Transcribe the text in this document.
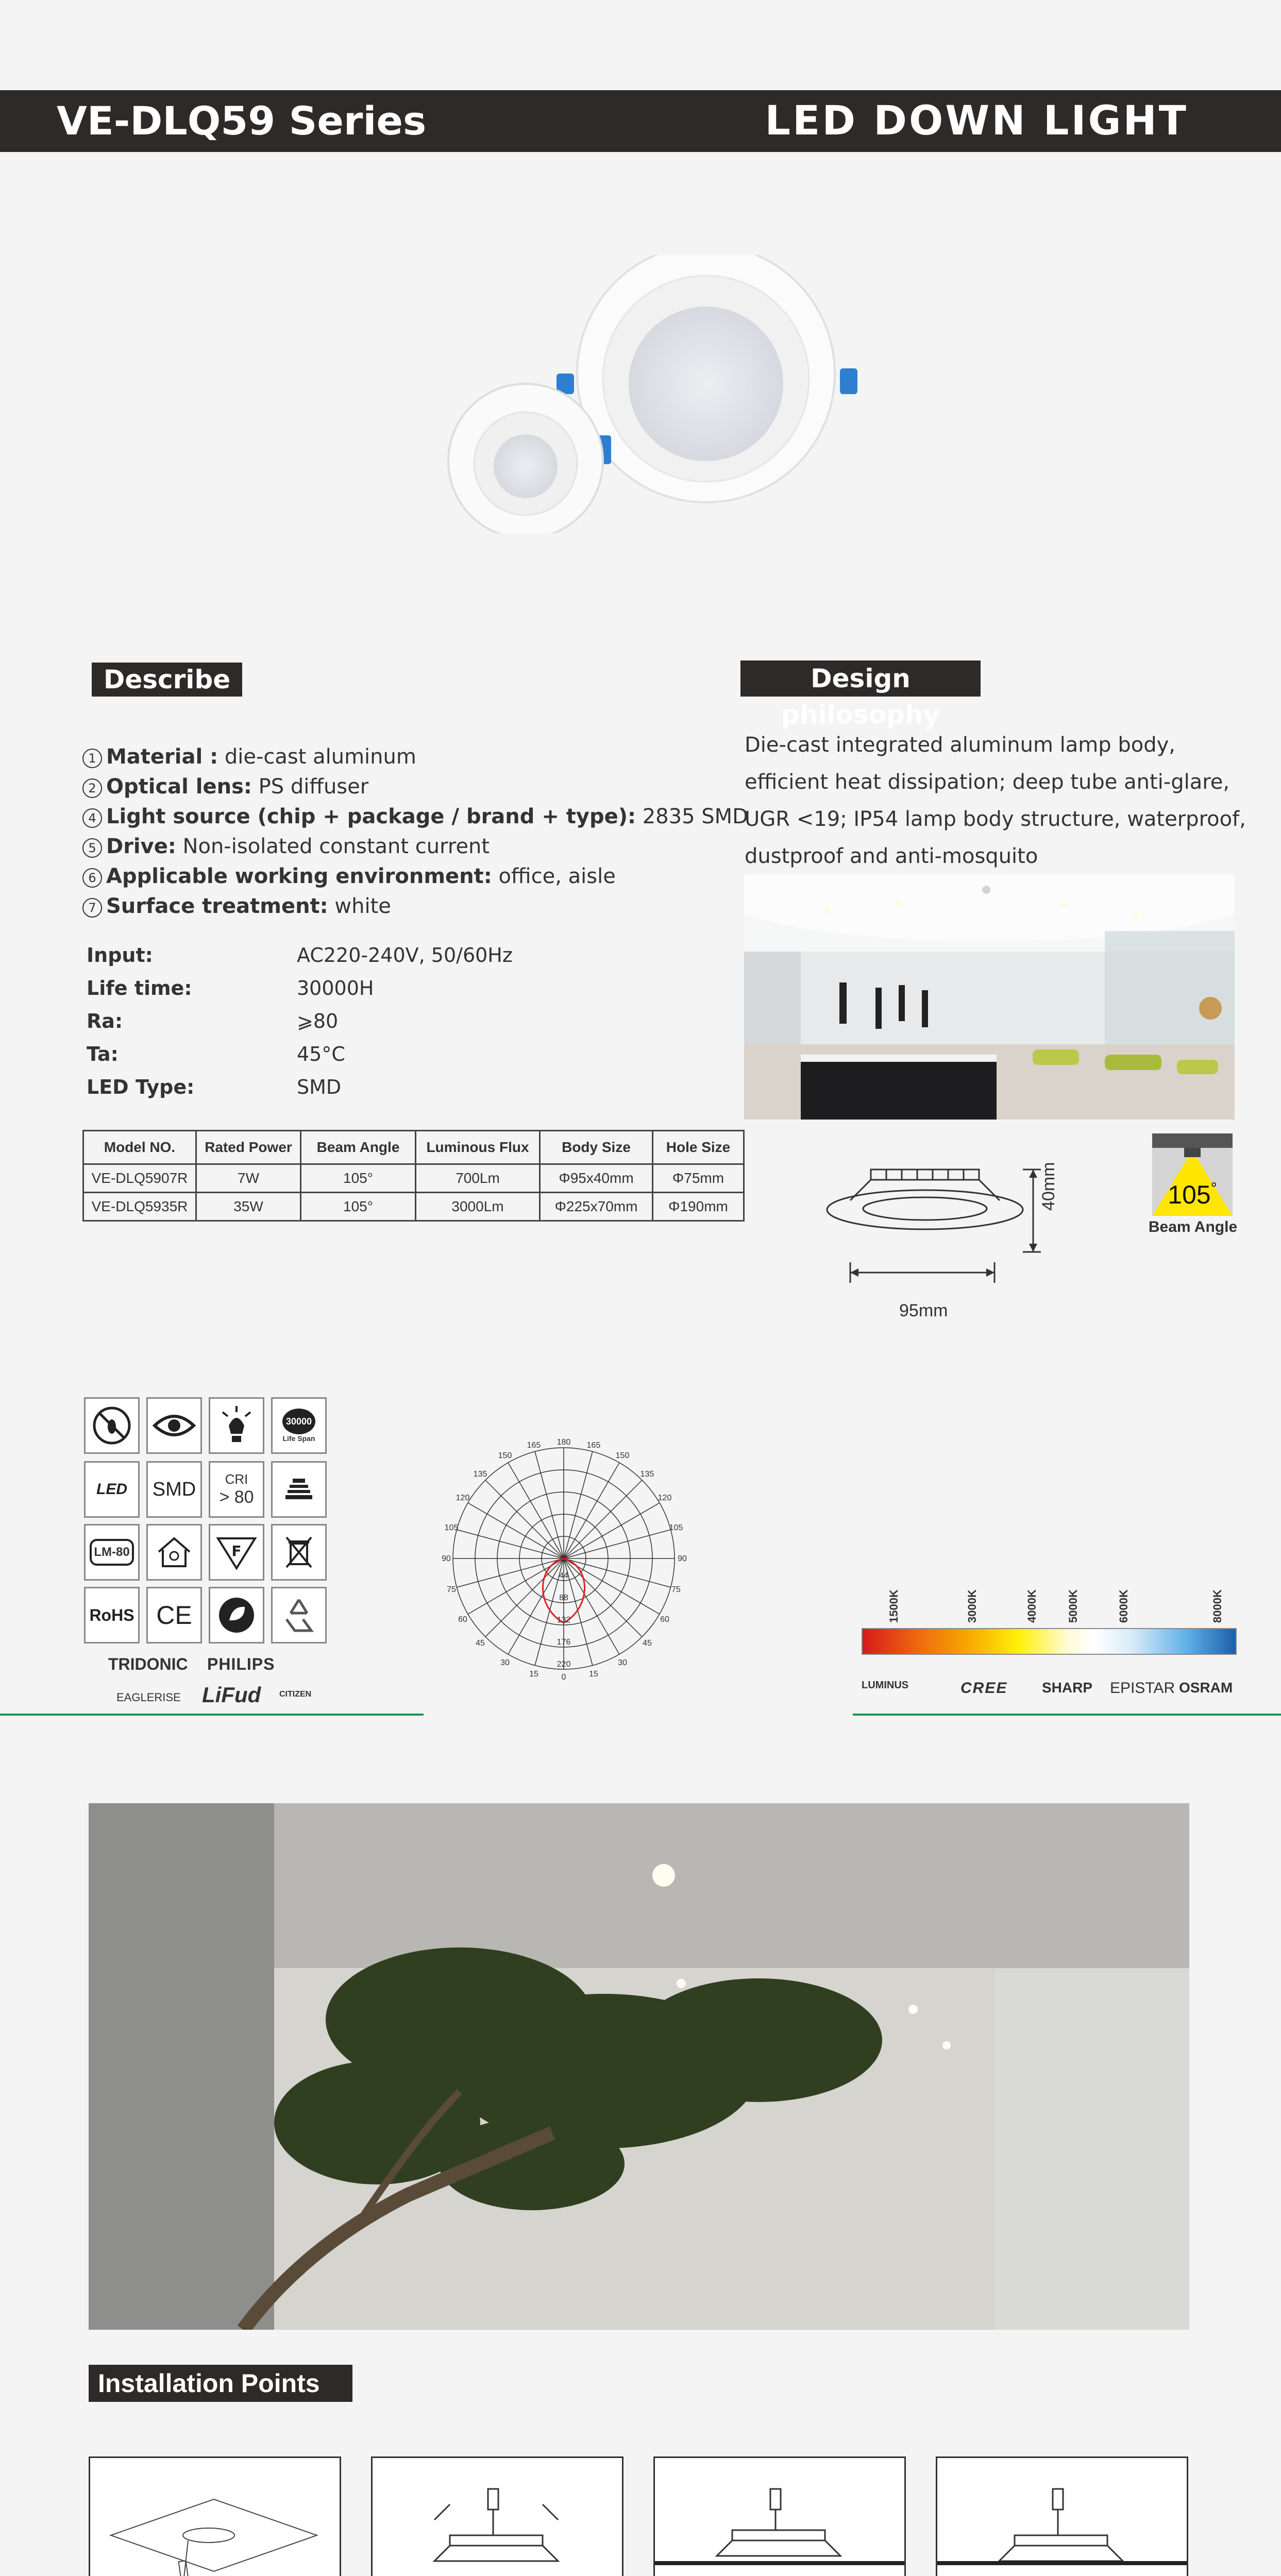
VE-DLQ59 Series	LED DOWN LIGHT
Describe	Design philosophy
1 Material : die-cast aluminum
2 Optical lens: PS diffuser
4 Light source (chip + package / brand + type): 2835 SMD
5 Drive: Non-isolated constant current
6 Applicable working environment: office, aisle
7 Surface treatment: white
Input:	AC220-240V, 50/60Hz
Life time:	30000H
Ra:	⩾80
Ta:	45°C
LED Type:	SMD
Model NO.	Rated Power	Beam Angle	Luminous Flux	Body Size	Hole Size
VE-DLQ5907R	7W	105°	700Lm	Φ95x40mm	Φ75mm
VE-DLQ5935R	35W	105°	3000Lm	Φ225x70mm	Φ190mm
Die-cast integrated aluminum lamp body, efficient heat dissipation; deep tube anti-glare, UGR <19; IP54 lamp body structure, waterproof, dustproof and anti-mosquito
40mm
95mm
105°
Beam Angle
30000
Life Span
LED SMD CRI
> 80
LM-80	F
RoHS CE
TRIDONIC PHILIPS
EAGLERISE LiFud CITIZEN
180
165
150
135
120
105
90
75
60
45
30
15	0
165
150
135
120
105
90
75
60
45
30
15
44
88
132
176
220
1500K	3000K	4000K	5000K	6000K	8000K
LUMINUS	CREE SHARP EPISTAR OSRAM
Installation Points
